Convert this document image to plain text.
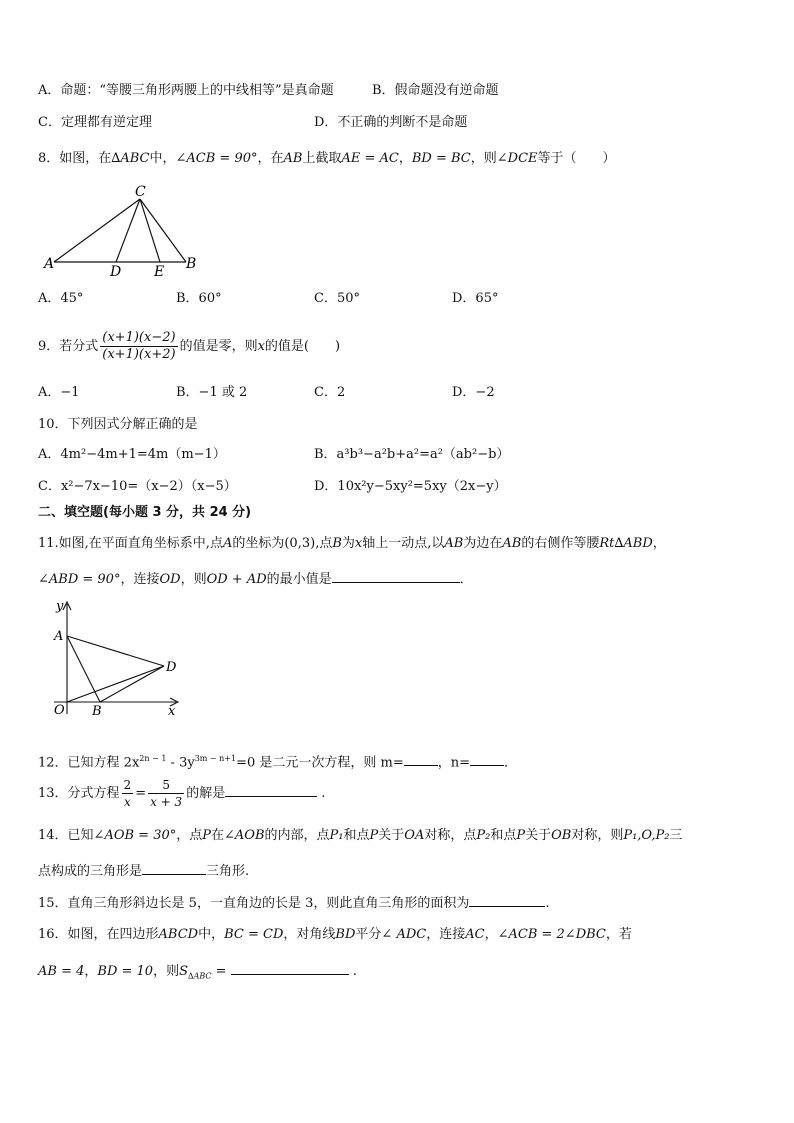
A．命题：“等腰三角形两腰上的中线相等”是真命题	B．假命题没有逆命题
C．定理都有逆定理	D．不正确的判断不是命题
8．如图，在∆ABC中，∠ACB = 90°，在AB上截取AE = AC，BD = BC，则∠DCE等于（　　）
C
A	B
D E
A．45°	B．60°	C．50°	D．65°
9．若分式 $\frac{(x+1)(x-2)}{(x+1)(x+2)}$ 的值是零，则x的值是(　　)
A．−1	B．−1 或 2	C．2	D．−2
10．下列因式分解正确的是
A．4m²−4m+1=4m（m−1）	B．a³b³−a²b+a²=a²（ab²−b）
C．x²−7x−10=（x−2）（x−5）	D．10x²y−5xy²=5xy（2x−y）
二、填空题(每小题 3 分，共 24 分)
11.如图,在平面直角坐标系中,点A的坐标为(0,3),点B为x轴上一动点,以AB为边在AB的右侧作等腰Rt∆ABD，
∠ABD = 90°，连接OD，则OD + AD的最小值是	．
y
A
D
O B	x
12．已知方程 $2x^{2n - 1} - 3y^{3m - n+1}=0$ 是二元一次方程，则 m=	，n=	．
13．分式方程 $\frac{2}{x} = \frac{5}{x + 3}$ 的解是	.
14．已知∠AOB = 30°，点P在∠AOB的内部，点P₁和点P关于OA对称，点P₂和点P关于OB对称，则P₁,O,P₂三
点构成的三角形是	三角形.
15．直角三角形斜边长是 5，一直角边的长是 3，则此直角三角形的面积为	.
16．如图，在四边形ABCD中，BC = CD，对角线BD平分∠ ADC，连接AC，∠ACB = 2∠DBC，若
AB = 4，BD = 10，则$S_{\Delta ABC}$ =	.
